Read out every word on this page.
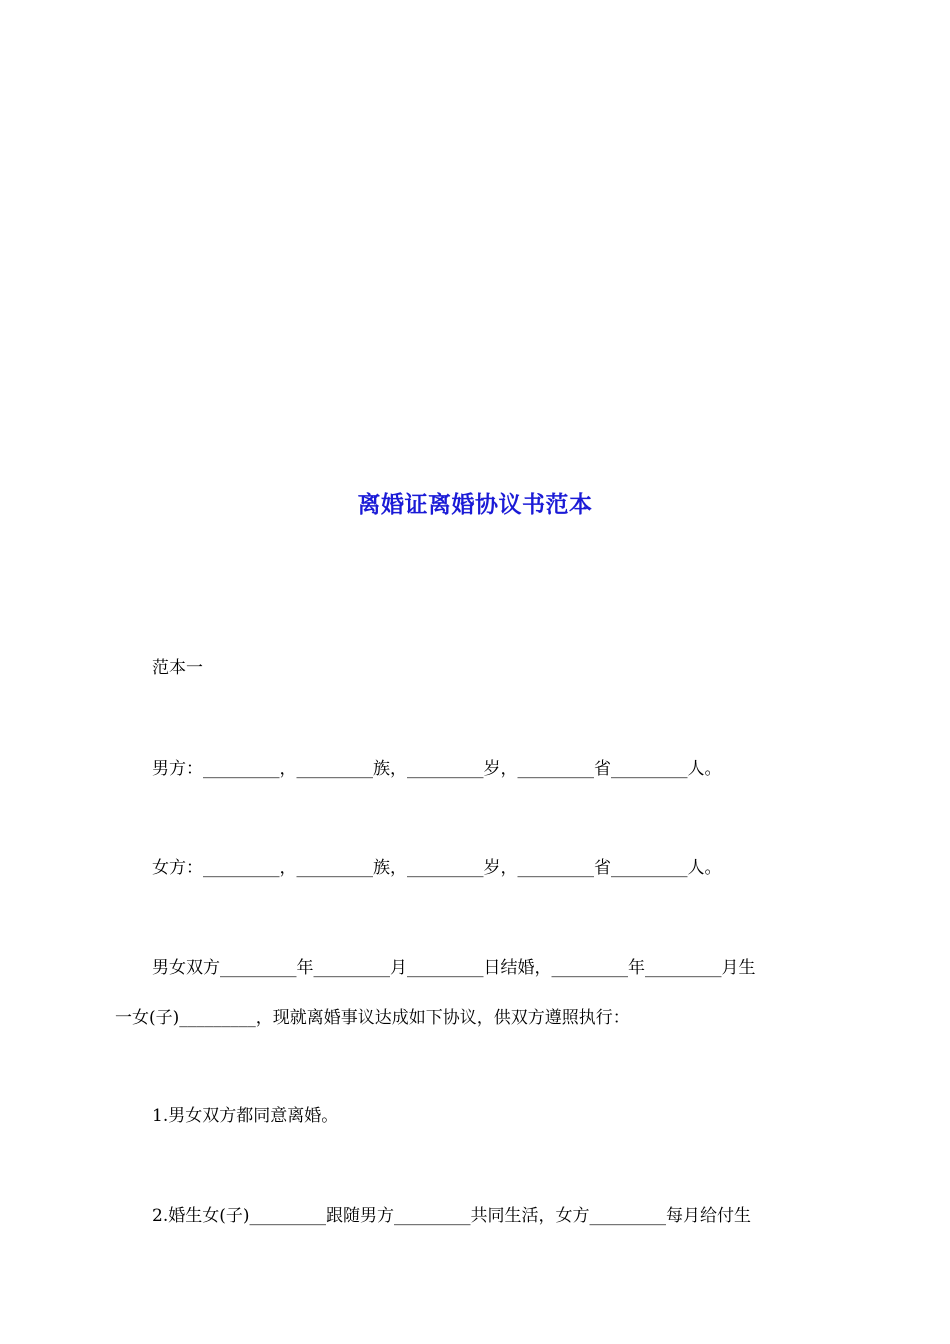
离婚证离婚协议书范本
范本一
男方：_________，_________族，_________岁，_________省_________人。
女方：_________，_________族，_________岁，_________省_________人。
男女双方_________年_________月_________日结婚，_________年_________月生
一女(子)_________，现就离婚事议达成如下协议，供双方遵照执行：
1.男女双方都同意离婚。
2.婚生女(子)_________跟随男方_________共同生活，女方_________每月给付生
